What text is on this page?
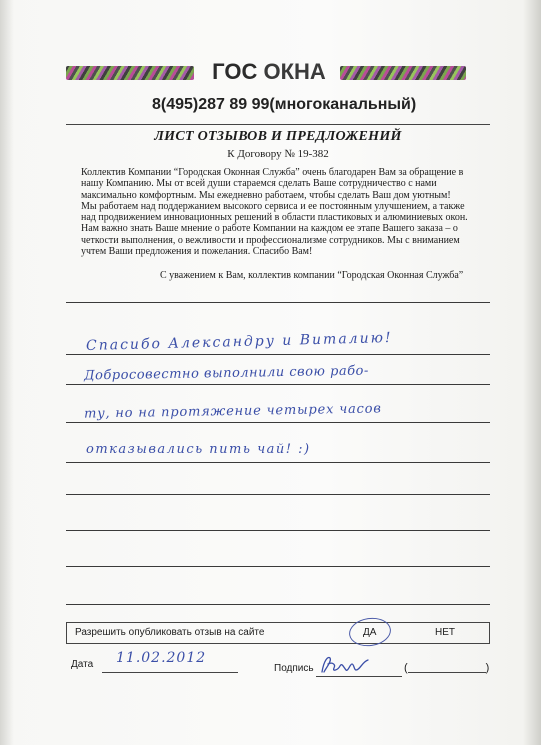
ГОС ОКНА
8(495)287 89 99(многоканальный)
ЛИСТ ОТЗЫВОВ И ПРЕДЛОЖЕНИЙ
К Договору № 19-382

Коллектив Компании “Городская Оконная Служба” очень благодарен Вам за обращение в

нашу Компанию. Мы от всей души стараемся сделать Ваше сотрудничество с нами

максимально комфортным. Мы ежедневно работаем, чтобы сделать Ваш дом уютным!

Мы работаем над поддержанием высокого сервиса и ее постоянным улучшением, а также

над продвижением инновационных решений в области пластиковых и алюминиевых окон.

Нам важно знать Ваше мнение о работе Компании на каждом ее этапе Вашего заказа – о

четкости выполнения, о вежливости и профессионализме сотрудников. Мы с вниманием

учтем Ваши предложения и пожелания. Спасибо Вам!

С уважением к Вам, коллектив компании “Городская Оконная Служба”
Спасибо Александру и Виталию!
Добросовестно выполнили свою рабо-
ту, но на протяжение четырех часов
отказывались пить чай! :)
Разрешить опубликовать отзыв на сайте	ДА	НЕТ
Дата 11.02.2012
Подпись	(	)
